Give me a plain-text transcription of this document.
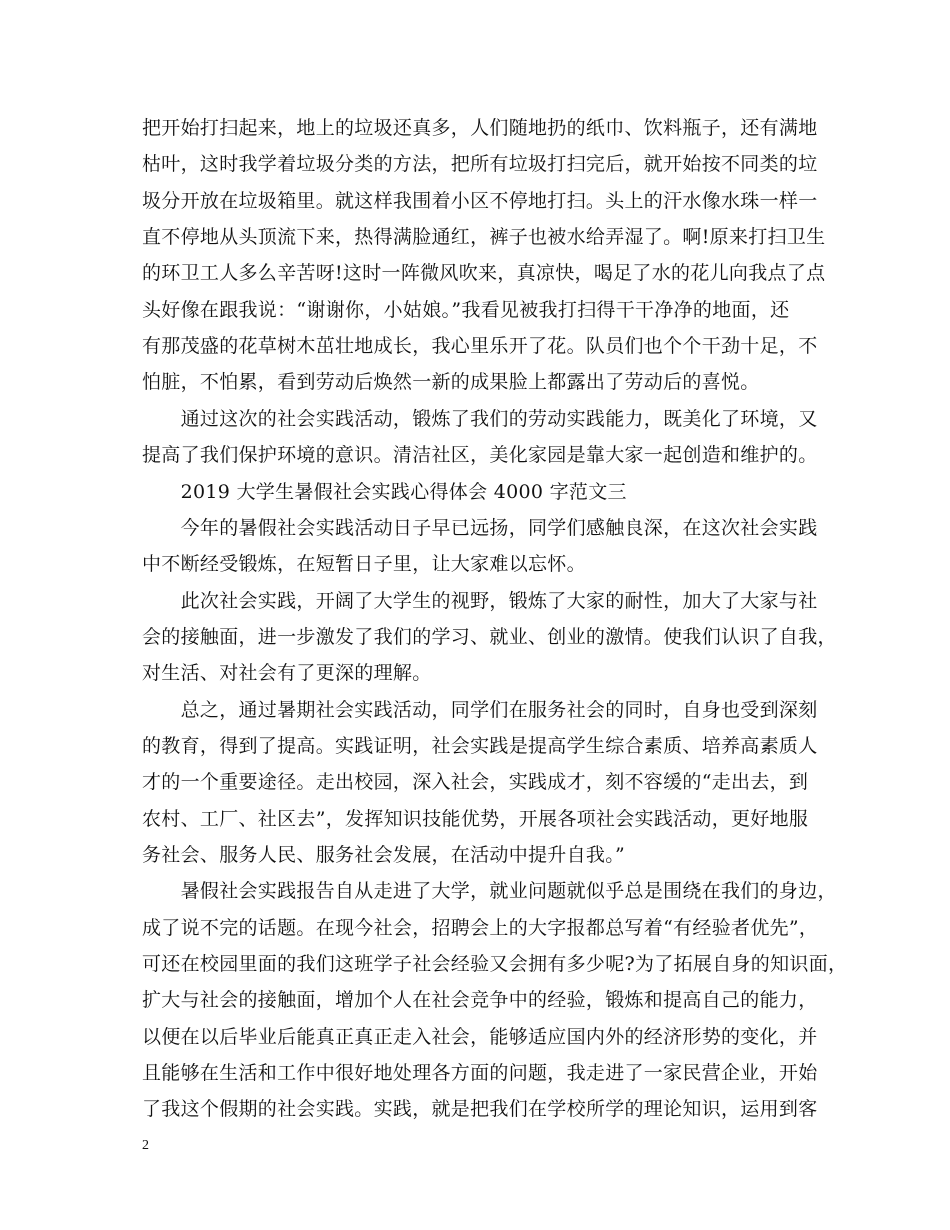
把开始打扫起来，地上的垃圾还真多，人们随地扔的纸巾、饮料瓶子，还有满地
枯叶，这时我学着垃圾分类的方法，把所有垃圾打扫完后，就开始按不同类的垃
圾分开放在垃圾箱里。就这样我围着小区不停地打扫。头上的汗水像水珠一样一
直不停地从头顶流下来，热得满脸通红，裤子也被水给弄湿了。啊!原来打扫卫生
的环卫工人多么辛苦呀!这时一阵微风吹来，真凉快，喝足了水的花儿向我点了点
头好像在跟我说：“谢谢你，小姑娘。”我看见被我打扫得干干净净的地面，还
有那茂盛的花草树木茁壮地成长，我心里乐开了花。队员们也个个干劲十足，不
怕脏，不怕累，看到劳动后焕然一新的成果脸上都露出了劳动后的喜悦。
　　通过这次的社会实践活动，锻炼了我们的劳动实践能力，既美化了环境，又
提高了我们保护环境的意识。清洁社区，美化家园是靠大家一起创造和维护的。
　　2019 大学生暑假社会实践心得体会 4000 字范文三
　　今年的暑假社会实践活动日子早已远扬，同学们感触良深，在这次社会实践
中不断经受锻炼，在短暂日子里，让大家难以忘怀。
　　此次社会实践，开阔了大学生的视野，锻炼了大家的耐性，加大了大家与社
会的接触面，进一步激发了我们的学习、就业、创业的激情。使我们认识了自我，
对生活、对社会有了更深的理解。
　　总之，通过暑期社会实践活动，同学们在服务社会的同时，自身也受到深刻
的教育，得到了提高。实践证明，社会实践是提高学生综合素质、培养高素质人
才的一个重要途径。走出校园，深入社会，实践成才，刻不容缓的“走出去，到
农村、工厂、社区去”，发挥知识技能优势，开展各项社会实践活动，更好地服
务社会、服务人民、服务社会发展，在活动中提升自我。”
　　暑假社会实践报告自从走进了大学，就业问题就似乎总是围绕在我们的身边，
成了说不完的话题。在现今社会，招聘会上的大字报都总写着“有经验者优先”，
可还在校园里面的我们这班学子社会经验又会拥有多少呢?为了拓展自身的知识面，
扩大与社会的接触面，增加个人在社会竞争中的经验，锻炼和提高自己的能力，
以便在以后毕业后能真正真正走入社会，能够适应国内外的经济形势的变化，并
且能够在生活和工作中很好地处理各方面的问题，我走进了一家民营企业，开始
了我这个假期的社会实践。实践，就是把我们在学校所学的理论知识，运用到客
2
